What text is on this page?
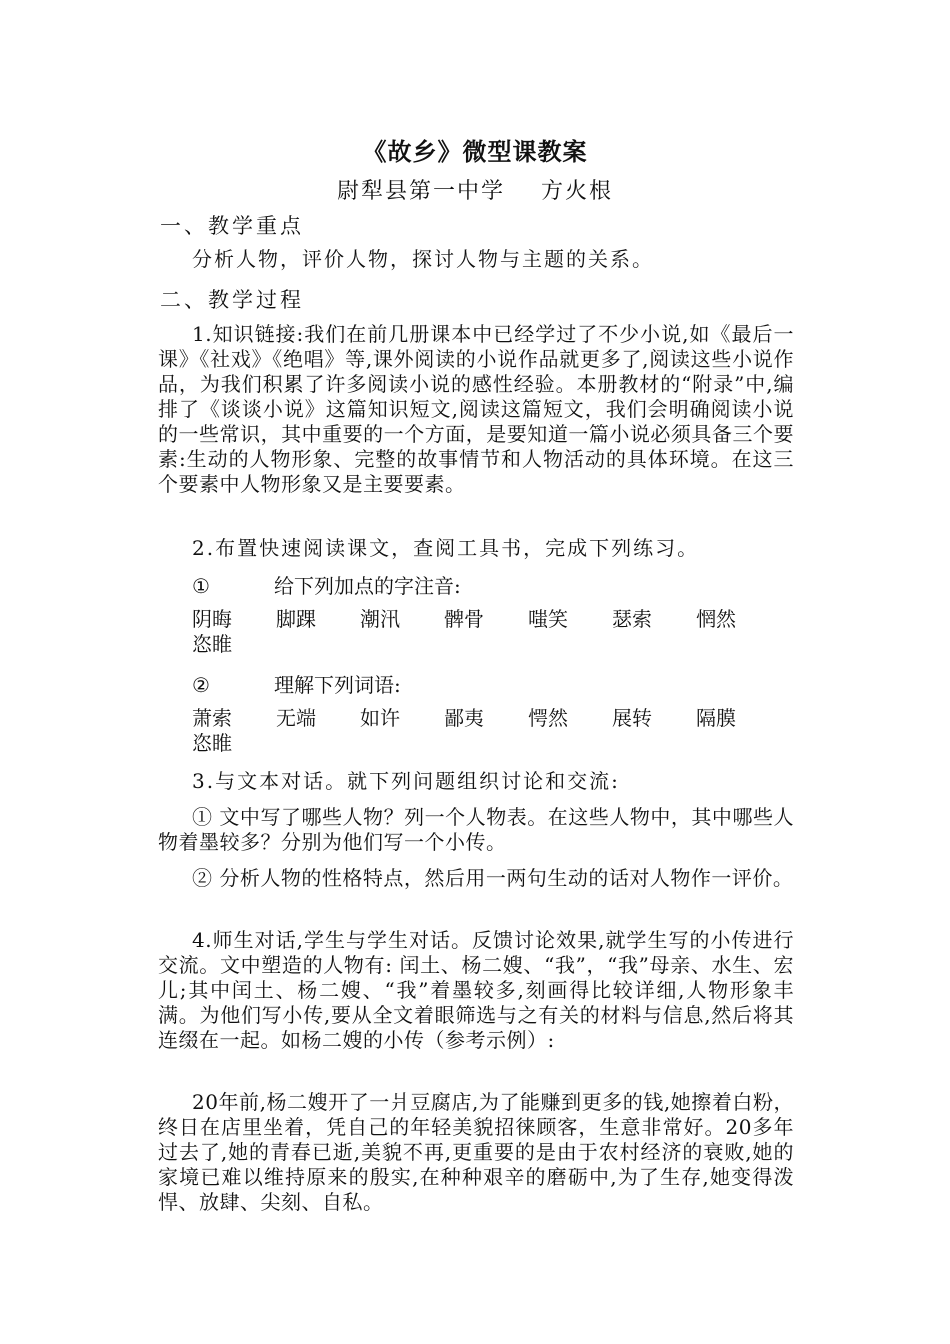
《故乡》微型课教案
尉犁县第一中学 方火根
一、教学重点
分析人物，评价人物，探讨人物与主题的关系。
二、教学过程
1.知识链接:我们在前几册课本中已经学过了不少小说,如《最后一课》《社戏》《绝唱》等,课外阅读的小说作品就更多了,阅读这些小说作品，为我们积累了许多阅读小说的感性经验。本册教材的“附录”中,编排了《谈谈小说》这篇知识短文,阅读这篇短文，我们会明确阅读小说的一些常识，其中重要的一个方面，是要知道一篇小说必须具备三个要素:生动的人物形象、完整的故事情节和人物活动的具体环境。在这三个要素中人物形象又是主要要素。
2.布置快速阅读课文，查阅工具书，完成下列练习。
①	给下列加点的字注音:
阴晦 脚踝 潮汛 髀骨 嗤笑 瑟索 惘然
恣睢
②	理解下列词语:
萧索 无端 如许 鄙夷 愕然 展转 隔膜
恣睢
3.与文本对话。就下列问题组织讨论和交流:
① 文中写了哪些人物？列一个人物表。在这些人物中，其中哪些人物着墨较多？分别为他们写一个小传。
② 分析人物的性格特点，然后用一两句生动的话对人物作一评价。
4.师生对话,学生与学生对话。反馈讨论效果,就学生写的小传进行交流。文中塑造的人物有: 闰土、杨二嫂、“我”，“我”母亲、水生、宏儿;其中闰土、杨二嫂、“我”着墨较多,刻画得比较详细,人物形象丰满。为他们写小传,要从全文着眼筛选与之有关的材料与信息,然后将其连缀在一起。如杨二嫂的小传（参考示例）:
20年前,杨二嫂开了一爿豆腐店,为了能赚到更多的钱,她擦着白粉，终日在店里坐着，凭自己的年轻美貌招徕顾客，生意非常好。20多年过去了,她的青春已逝,美貌不再,更重要的是由于农村经济的衰败,她的家境已难以维持原来的殷实,在种种艰辛的磨砺中,为了生存,她变得泼悍、放肆、尖刻、自私。
